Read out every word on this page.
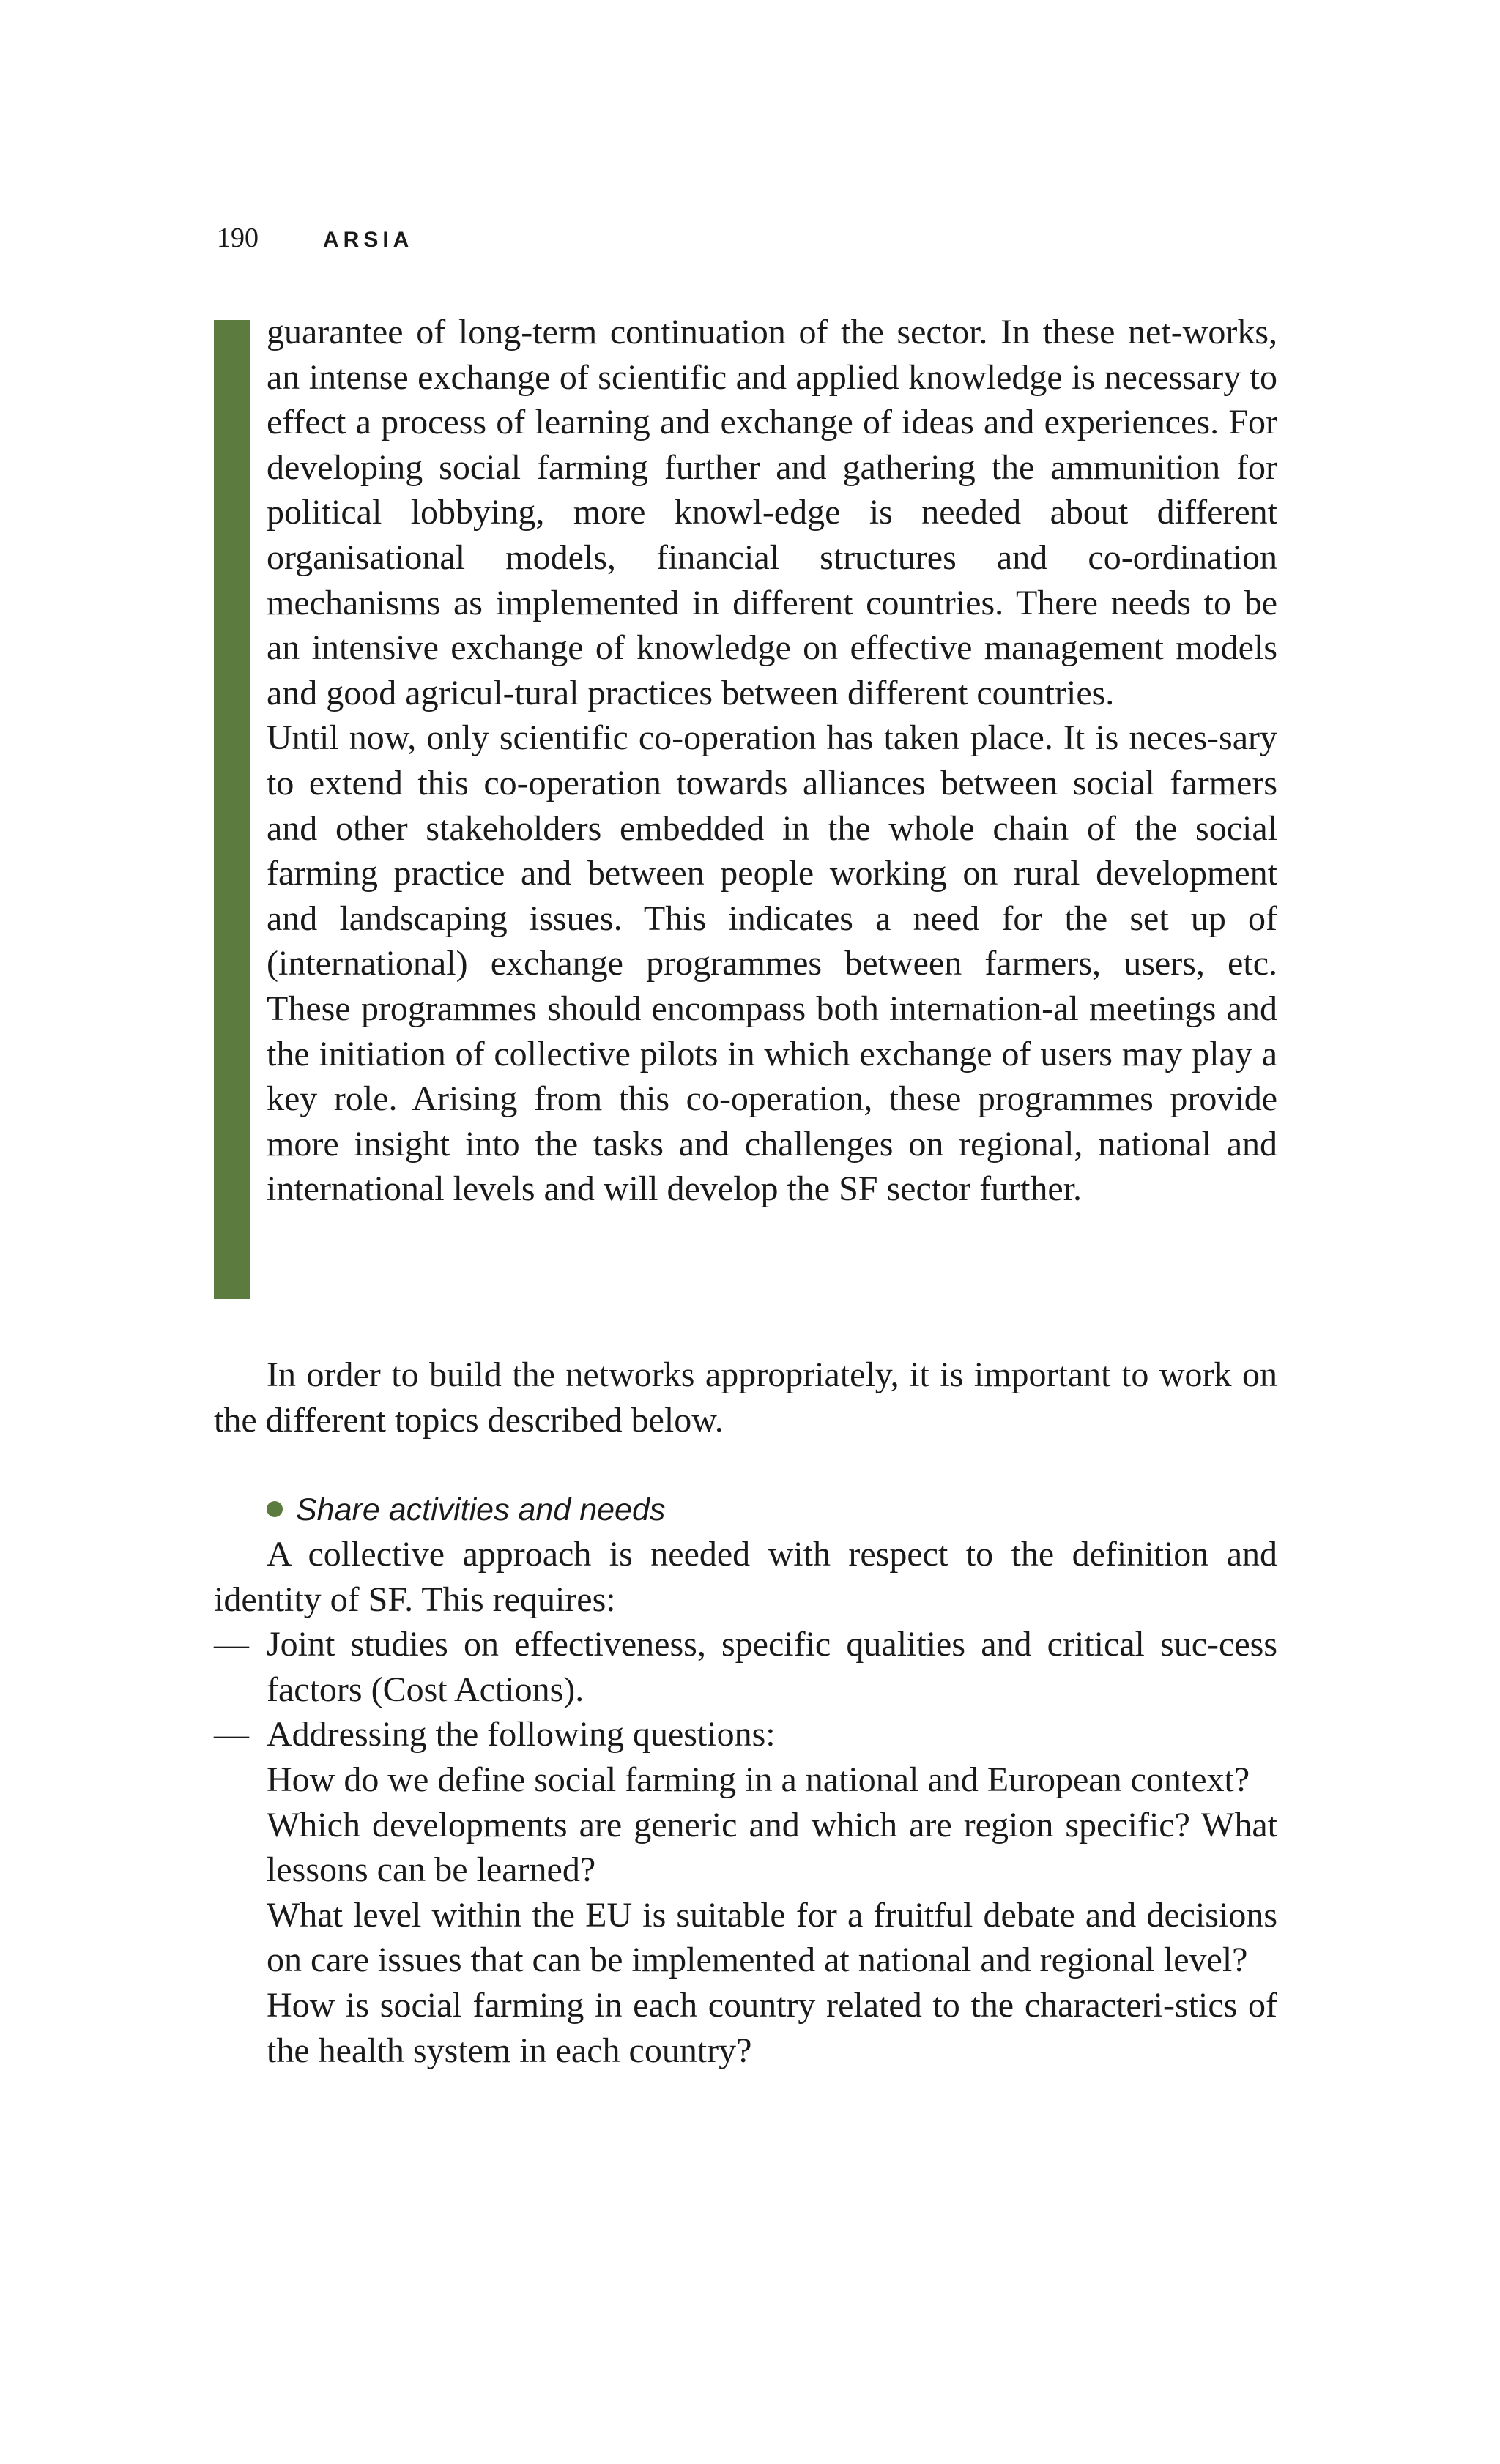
190	ARSIA

guarantee of long-term continuation of the sector. In these net-works, an intense exchange of scientific and applied knowledge is necessary to effect a process of learning and exchange of ideas and experiences. For developing social farming further and gathering the ammunition for political lobbying, more knowl-edge is needed about different organisational models, financial structures and co-ordination mechanisms as implemented in different countries. There needs to be an intensive exchange of knowledge on effective management models and good agricul-tural practices between different countries.

Until now, only scientific co-operation has taken place. It is neces-sary to extend this co-operation towards alliances between social farmers and other stakeholders embedded in the whole chain of the social farming practice and between people working on rural development and landscaping issues. This indicates a need for the set up of (international) exchange programmes between farmers, users, etc. These programmes should encompass both internation-al meetings and the initiation of collective pilots in which exchange of users may play a key role. Arising from this co-operation, these programmes provide more insight into the tasks and challenges on regional, national and international levels and will develop the SF sector further.

In order to build the networks appropriately, it is important to work on the different topics described below.

Share activities and needs

A collective approach is needed with respect to the definition and identity of SF. This requires:

— Joint studies on effectiveness, specific qualities and critical suc-cess factors (Cost Actions).
— Addressing the following questions:

How do we define social farming in a national and European context?

Which developments are generic and which are region specific? What lessons can be learned?

What level within the EU is suitable for a fruitful debate and decisions on care issues that can be implemented at national and regional level?

How is social farming in each country related to the characteri-stics of the health system in each country?
